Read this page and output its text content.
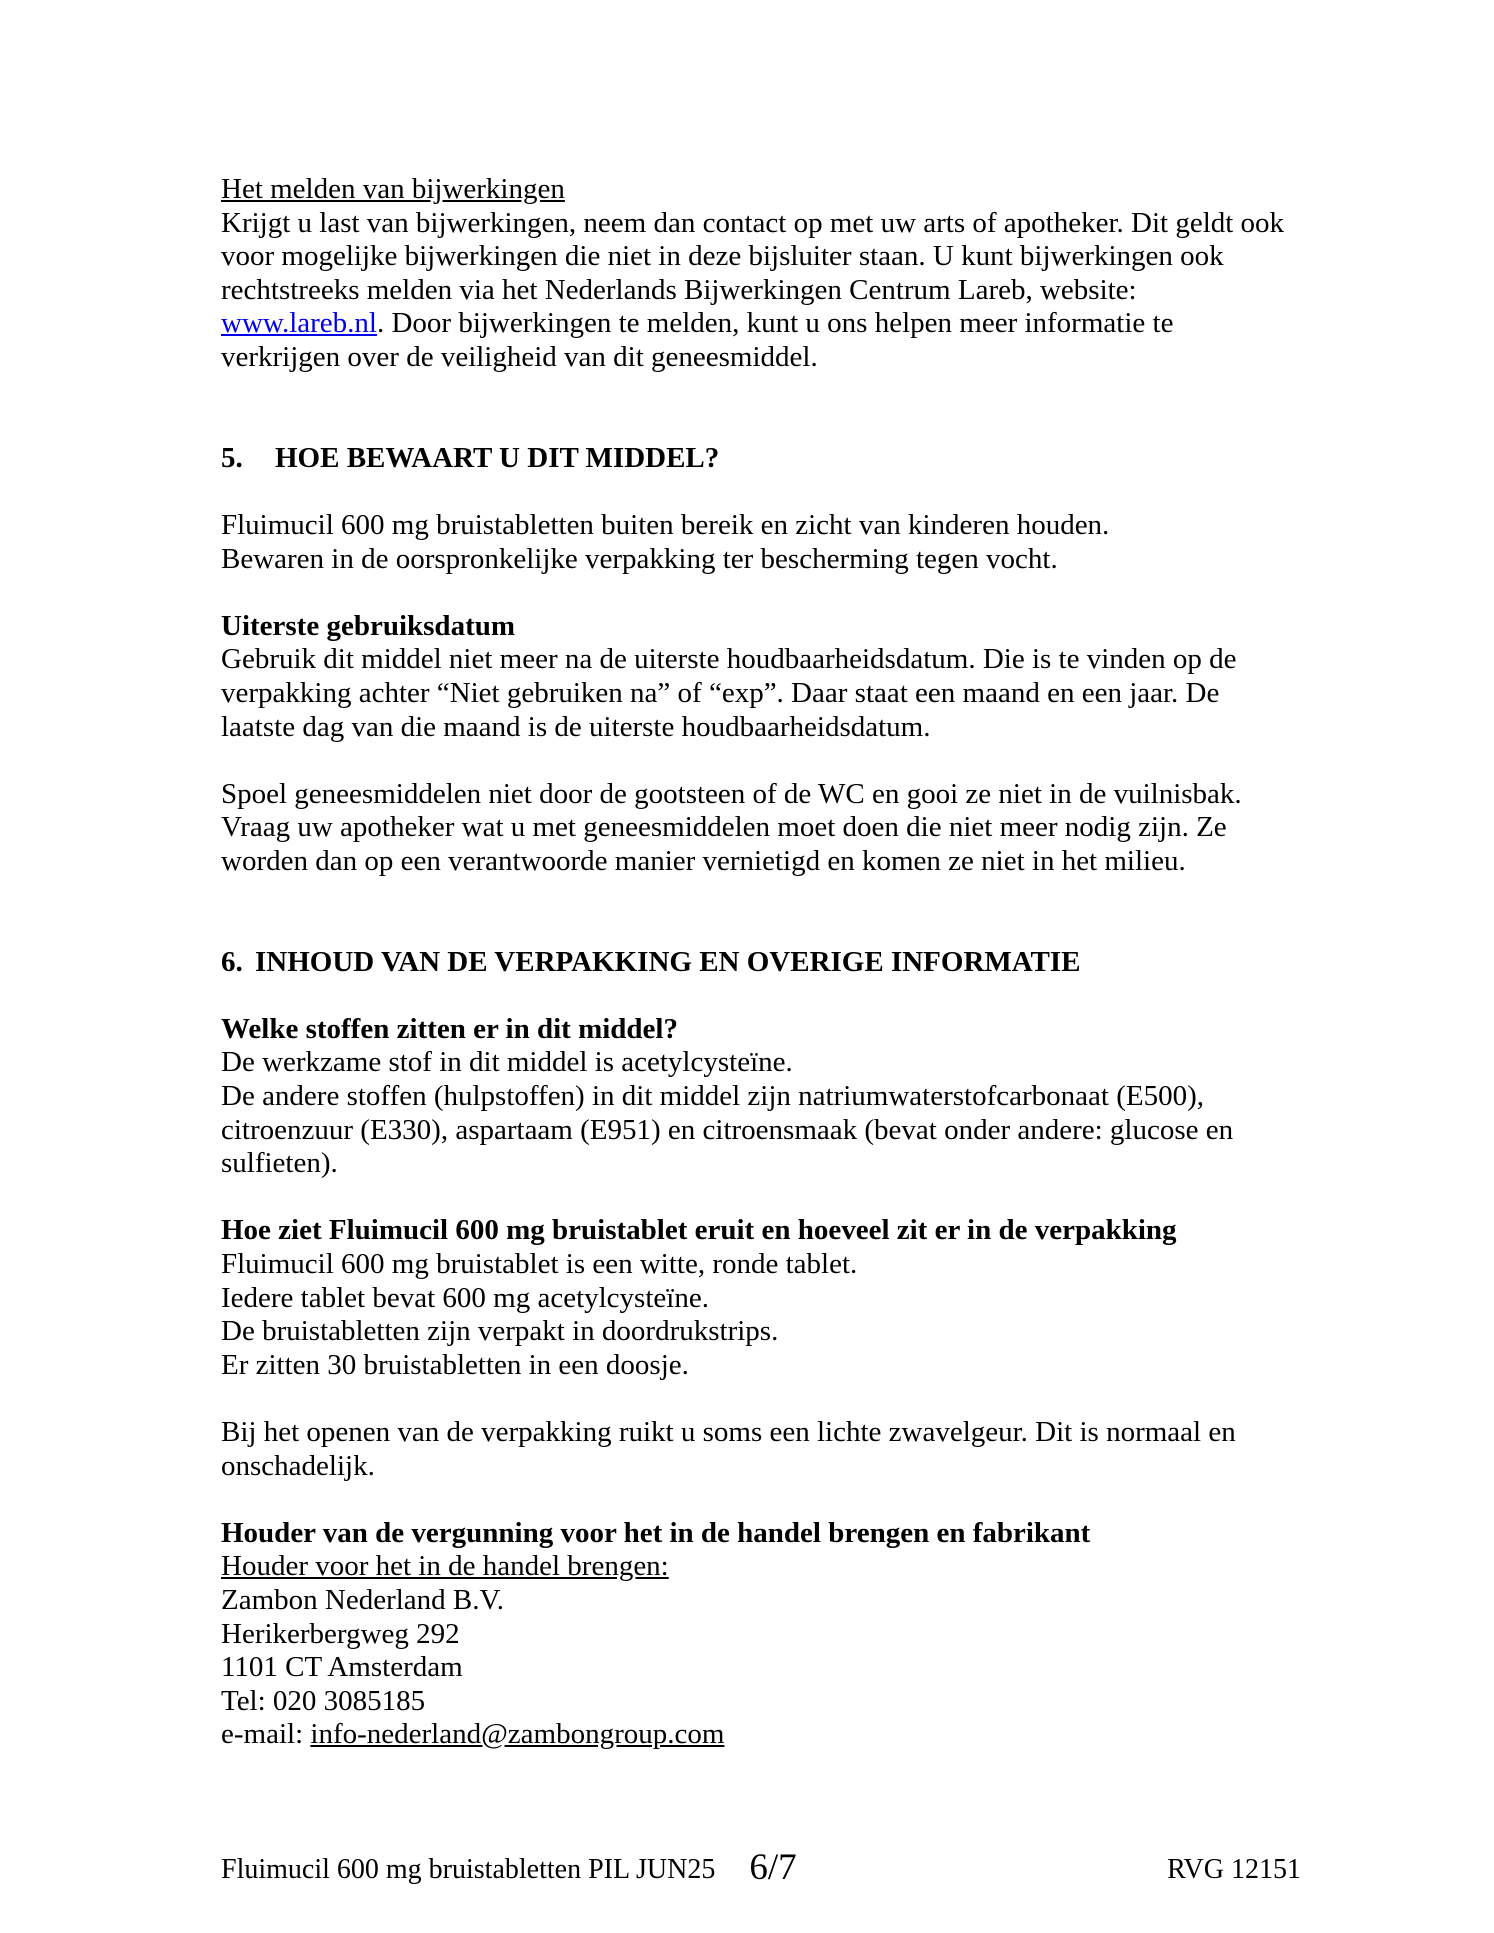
Het melden van bijwerkingen
Krijgt u last van bijwerkingen, neem dan contact op met uw arts of apotheker. Dit geldt ook
voor mogelijke bijwerkingen die niet in deze bijsluiter staan. U kunt bijwerkingen ook
rechtstreeks melden via het Nederlands Bijwerkingen Centrum Lareb, website:
www.lareb.nl. Door bijwerkingen te melden, kunt u ons helpen meer informatie te
verkrijgen over de veiligheid van dit geneesmiddel.
5. HOE BEWAART U DIT MIDDEL?
Fluimucil 600 mg bruistabletten buiten bereik en zicht van kinderen houden.
Bewaren in de oorspronkelijke verpakking ter bescherming tegen vocht.
Uiterste gebruiksdatum
Gebruik dit middel niet meer na de uiterste houdbaarheidsdatum. Die is te vinden op de
verpakking achter “Niet gebruiken na” of “exp”. Daar staat een maand en een jaar. De
laatste dag van die maand is de uiterste houdbaarheidsdatum.
Spoel geneesmiddelen niet door de gootsteen of de WC en gooi ze niet in de vuilnisbak.
Vraag uw apotheker wat u met geneesmiddelen moet doen die niet meer nodig zijn. Ze
worden dan op een verantwoorde manier vernietigd en komen ze niet in het milieu.
6. INHOUD VAN DE VERPAKKING EN OVERIGE INFORMATIE
Welke stoffen zitten er in dit middel?
De werkzame stof in dit middel is acetylcysteïne.
De andere stoffen (hulpstoffen) in dit middel zijn natriumwaterstofcarbonaat (E500),
citroenzuur (E330), aspartaam (E951) en citroensmaak (bevat onder andere: glucose en
sulfieten).
Hoe ziet Fluimucil 600 mg bruistablet eruit en hoeveel zit er in de verpakking
Fluimucil 600 mg bruistablet is een witte, ronde tablet.
Iedere tablet bevat 600 mg acetylcysteïne.
De bruistabletten zijn verpakt in doordrukstrips.
Er zitten 30 bruistabletten in een doosje.
Bij het openen van de verpakking ruikt u soms een lichte zwavelgeur. Dit is normaal en
onschadelijk.
Houder van de vergunning voor het in de handel brengen en fabrikant
Houder voor het in de handel brengen:
Zambon Nederland B.V.
Herikerbergweg 292
1101 CT Amsterdam
Tel: 020 3085185
e-mail: info-nederland@zambongroup.com
Fluimucil 600 mg bruistabletten PIL JUN25 6/7	RVG 12151
